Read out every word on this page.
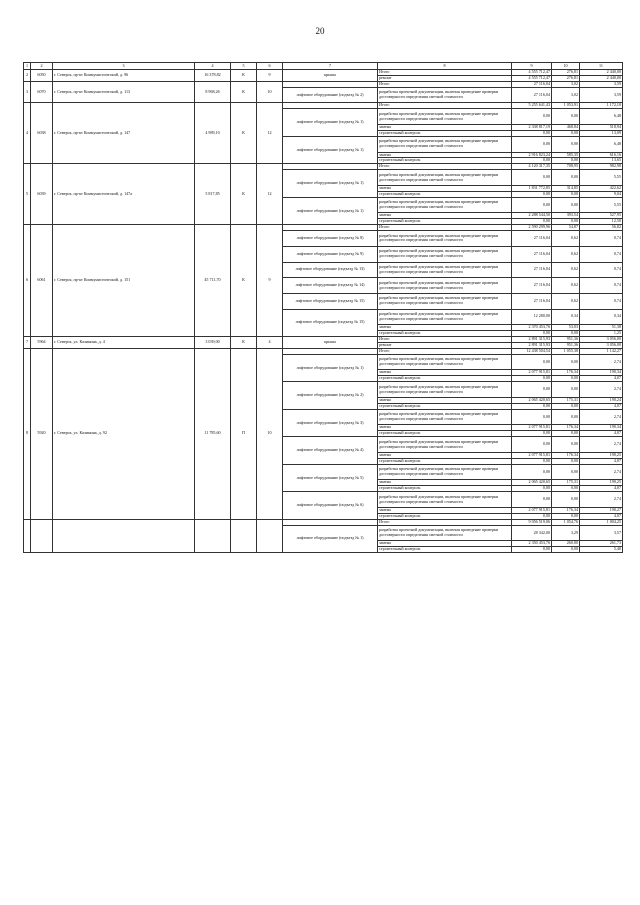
20
1	2	3	4	5	6	7	8	9	10	11
2	6050	г. Северск, пр-кт Коммунистический, д. 96	16 378,82	К	9	крыша	Итого	4 555 712,47	276,81	2 440,00
							ремонт	4 555 712,47	276,81	2 440,00
3	6070	г. Северск, пр-кт Коммунистический, д. 113	8 968,26	К	10		Итого	27 116,04	3,02	3,59
						лифтовое оборудование (подъезд № 2)	разработка проектной документации, включая проведение проверки достоверности определения сметной стоимости	27 116,04	3,02	3,59
4	6038	г. Северск, пр-кт Коммунистический, д. 147	4 989,10	К	12		Итого	5 255 641,43	1 053,91	1 172,10
						лифтовое оборудование (подъезд № 1)	разработка проектной документации, включая проведение проверки достоверности определения сметной стоимости	0,00	0,00	6,48
							замена	2 338 817,19	468,84	518,94
							строительный контроль	0,00	0,00	13,09
						лифтовое оборудование (подъезд № 1)	разработка проектной документации, включая проведение проверки достоверности определения сметной стоимости	0,00	0,00	6,48
							замена	2 916 823,24	585,35	616,16
							строительный контроль	0,00	0,00	13,65
5	6039	г. Северск, пр-кт Коммунистический, д. 147а	5 817,85	К	12		Итого	4 120 317,35	708,95	982,98
						лифтовое оборудование (подъезд № 1)	разработка проектной документации, включая проведение проверки достоверности определения сметной стоимости	0,00	0,00	5,55
							замена	1 831 772,85	314,85	422,62
							строительный контроль	0,00	0,00	9,04
						лифтовое оборудование (подъезд № 1)	разработка проектной документации, включая проведение проверки достоверности определения сметной стоимости	0,00	0,00	5,55
							замена	2 288 544,50	393,54	527,95
							строительный контроль	0,00	0,00	12,50
6	6061	г. Северск, пр-кт Коммунистический, д. 151	45 711,70	К	9		Итого	2 590 299,96	54,87	56,82
						лифтовое оборудование (подъезд № 8)	разработка проектной документации, включая проведение проверки достоверности определения сметной стоимости	27 116,04	0,62	0,74
						лифтовое оборудование (подъезд № 9)	разработка проектной документации, включая проведение проверки достоверности определения сметной стоимости	27 116,04	0,62	0,74
						лифтовое оборудование (подъезд № 13)	разработка проектной документации, включая проведение проверки достоверности определения сметной стоимости	27 116,04	0,62	0,74
						лифтовое оборудование (подъезд № 14)	разработка проектной документации, включая проведение проверки достоверности определения сметной стоимости	27 116,04	0,62	0,74
						лифтовое оборудование (подъезд № 15)	разработка проектной документации, включая проведение проверки достоверности определения сметной стоимости	27 116,04	0,62	0,74
						лифтовое оборудование (подъезд № 15)	разработка проектной документации, включая проведение проверки достоверности определения сметной стоимости	12 280,00	0,34	0,34
							замена	2 370 453,76	53,03	51,38
							строительный контроль	0,00	0,00	1,25
7	5964	г. Северск, ул. Калинина, д. 4	3 039,00	К	4	крыша	Итого	2 891 315,93	951,36	3 056,00
							ремонт	2 891 315,93	951,36	3 056,00
8	5920	г. Северск, ул. Калинина, д. 92	11 785,60	П	10		Итого	12 438 504,54	1 055,38	1 142,27
						лифтовое оборудование (подъезд № 1)	разработка проектной документации, включая проведение проверки достоверности определения сметной стоимости	0,00	0,00	2,74
							замена	2 077 915,81	176,34	190,34
							строительный контроль	0,00	0,00	4,07
						лифтовое оборудование (подъезд № 2)	разработка проектной документации, включая проведение проверки достоверности определения сметной стоимости	0,00	0,00	2,74
							замена	2 065 420,65	175,31	190,24
							строительный контроль	0,00	0,00	4,07
						лифтовое оборудование (подъезд № 3)	разработка проектной документации, включая проведение проверки достоверности определения сметной стоимости	0,00	0,00	2,74
							замена	2 077 915,81	176,34	190,34
							строительный контроль	0,00	0,00	4,07
						лифтовое оборудование (подъезд № 4)	разработка проектной документации, включая проведение проверки достоверности определения сметной стоимости	0,00	0,00	2,74
							замена	2 077 915,81	176,34	190,25
							строительный контроль	0,00	0,00	4,07
						лифтовое оборудование (подъезд № 5)	разработка проектной документации, включая проведение проверки достоверности определения сметной стоимости	0,00	0,00	2,74
							замена	2 065 420,65	175,31	190,25
							строительный контроль	0,00	0,00	4,07
						лифтовое оборудование (подъезд № 6)	разработка проектной документации, включая проведение проверки достоверности определения сметной стоимости	0,00	0,00	2,74
							замена	2 077 915,81	176,34	190,27
							строительный контроль	0,00	0,00	4,07
							Итого	9 056 519,06	1 054,76	1 004,25
						лифтовое оборудование (подъезд № 1)	разработка проектной документации, включая проведение проверки достоверности определения сметной стоимости	28 342,00	3,29	3,57
							замена	2 350 453,76	260,80	261,73
							строительный контроль	0,00	0,00	5,40
